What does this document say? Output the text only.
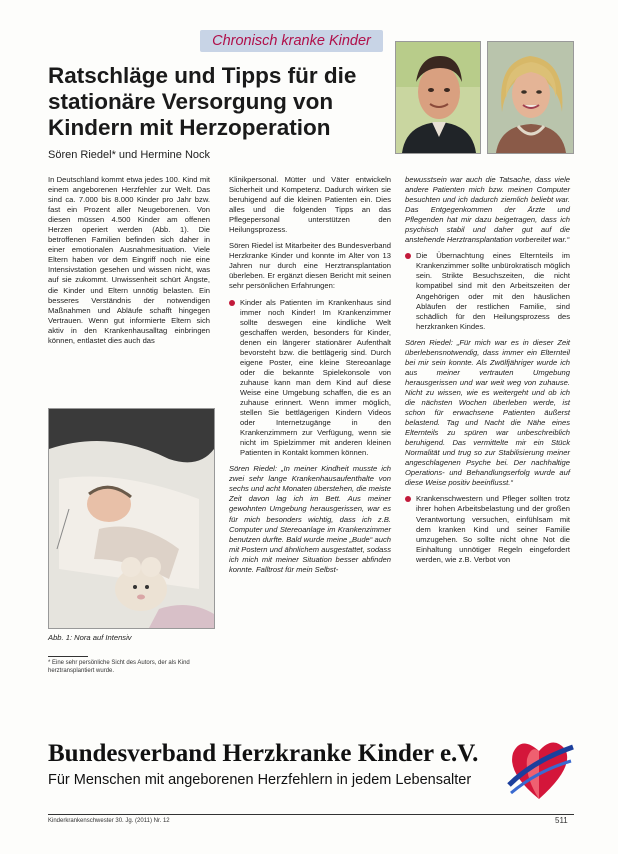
Chronisch kranke Kinder
Ratschläge und Tipps für die stationäre Versorgung von Kindern mit Herzoperation
Sören Riedel* und Hermine Nock

In Deutschland kommt etwa jedes 100. Kind mit einem angeborenen Herzfehler zur Welt. Das sind ca. 7.000 bis 8.000 Kinder pro Jahr bzw. fast ein Prozent aller Neugeborenen. Von diesen müssen 4.500 Kinder am offenen Herzen operiert werden (Abb. 1). Die betroffenen Familien befinden sich daher in einer emotionalen Ausnahmesituation. Viele Eltern haben vor dem Eingriff noch nie eine Intensivstation gesehen und wissen nicht, was auf sie zukommt. Unwissenheit schürt Ängste, die Kinder und Eltern unnötig belasten. Ein besseres Verständnis der notwendigen Maßnahmen und Abläufe schafft hingegen Vertrauen. Wenn gut informierte Eltern sich aktiv in den Krankenhausalltag einbringen können, entlastet dies auch das

Abb. 1: Nora auf Intensiv
* Eine sehr persönliche Sicht des Autors, der als Kind herztransplantiert wurde.

Klinikpersonal. Mütter und Väter entwickeln Sicherheit und Kompetenz. Dadurch wirken sie beruhigend auf die kleinen Patienten ein. Dies alles und die folgenden Tipps an das Pflegepersonal unterstützen den Heilungsprozess.

Sören Riedel ist Mitarbeiter des Bundesverband Herzkranke Kinder und konnte im Alter von 13 Jahren nur durch eine Herztransplantation überleben. Er ergänzt diesen Bericht mit seinen sehr persönlichen Erfahrungen:

Kinder als Patienten im Krankenhaus sind immer noch Kinder! Im Krankenzimmer sollte deswegen eine kindliche Welt geschaffen werden, besonders für Kinder, denen ein längerer stationärer Aufenthalt bevorsteht bzw. die bettlägerig sind. Durch eigene Poster, eine kleine Stereoanlage oder die bekannte Spielekonsole von zuhause kann man dem Kind auf diese Weise eine Umgebung schaffen, die es an zuhause erinnert. Wenn immer möglich, stellen Sie bettlägerigen Kindern Videos oder Internetzugänge in den Krankenzimmern zur Verfügung, wenn sie nicht im Spielzimmer mit anderen kleinen Patienten in Kontakt kommen können.

Sören Riedel: „In meiner Kindheit musste ich zwei sehr lange Krankenhausaufenthalte von sechs und acht Monaten überstehen, die meiste Zeit davon lag ich im Bett. Aus meiner gewohnten Umgebung herausgerissen, war es für mich besonders wichtig, dass ich z.B. Computer und Stereoanlage im Krankenzimmer benutzen durfte. Bald wurde meine „Bude“ auch mit Postern und ähnlichem ausgestattet, sodass ich mich mit meiner Situation besser abfinden konnte. Falltrost für mein Selbst-

bewusstsein war auch die Tatsache, dass viele andere Patienten mich bzw. meinen Computer besuchten und ich dadurch ziemlich beliebt war. Das Entgegenkommen der Ärzte und Pflegenden hat mir dazu beigetragen, dass ich psychisch stabil und daher gut auf die anstehende Herztransplantation vorbereitet war.“

Die Übernachtung eines Elternteils im Krankenzimmer sollte unbürokratisch möglich sein. Strikte Besuchszeiten, die nicht kompatibel sind mit den Arbeitszeiten der Angehörigen oder mit den häuslichen Abläufen der restlichen Familie, sind schädlich für den Heilungsprozess des herzkranken Kindes.

Sören Riedel: „Für mich war es in dieser Zeit überlebensnotwendig, dass immer ein Elternteil bei mir sein konnte. Als Zwölfjähriger wurde ich aus meiner vertrauten Umgebung herausgerissen und war weit weg von zuhause. Nicht zu wissen, wie es weitergeht und ob ich die nächsten Wochen überleben werde, ist schon für erwachsene Patienten äußerst belastend. Tag und Nacht die Nähe eines Elternteils zu spüren war unbeschreiblich beruhigend. Das vermittelte mir ein Stück Normalität und trug so zur Stabilisierung meiner angeschlagenen Psyche bei. Der nachhaltige Operations- und Behandlungserfolg wurde auf diese Weise positiv beeinflusst.“

Krankenschwestern und Pfleger sollten trotz ihrer hohen Arbeitsbelastung und der großen Verantwortung versuchen, einfühlsam mit dem kranken Kind und seiner Familie umzugehen. So sollte nicht ohne Not die Einhaltung unnötiger Regeln eingefordert werden, wie z.B. Verbot von
Bundesverband Herzkranke Kinder e.V.
Für Menschen mit angeborenen Herzfehlern in jedem Lebensalter
Kinderkrankenschwester 30. Jg. (2011) Nr. 12	511
